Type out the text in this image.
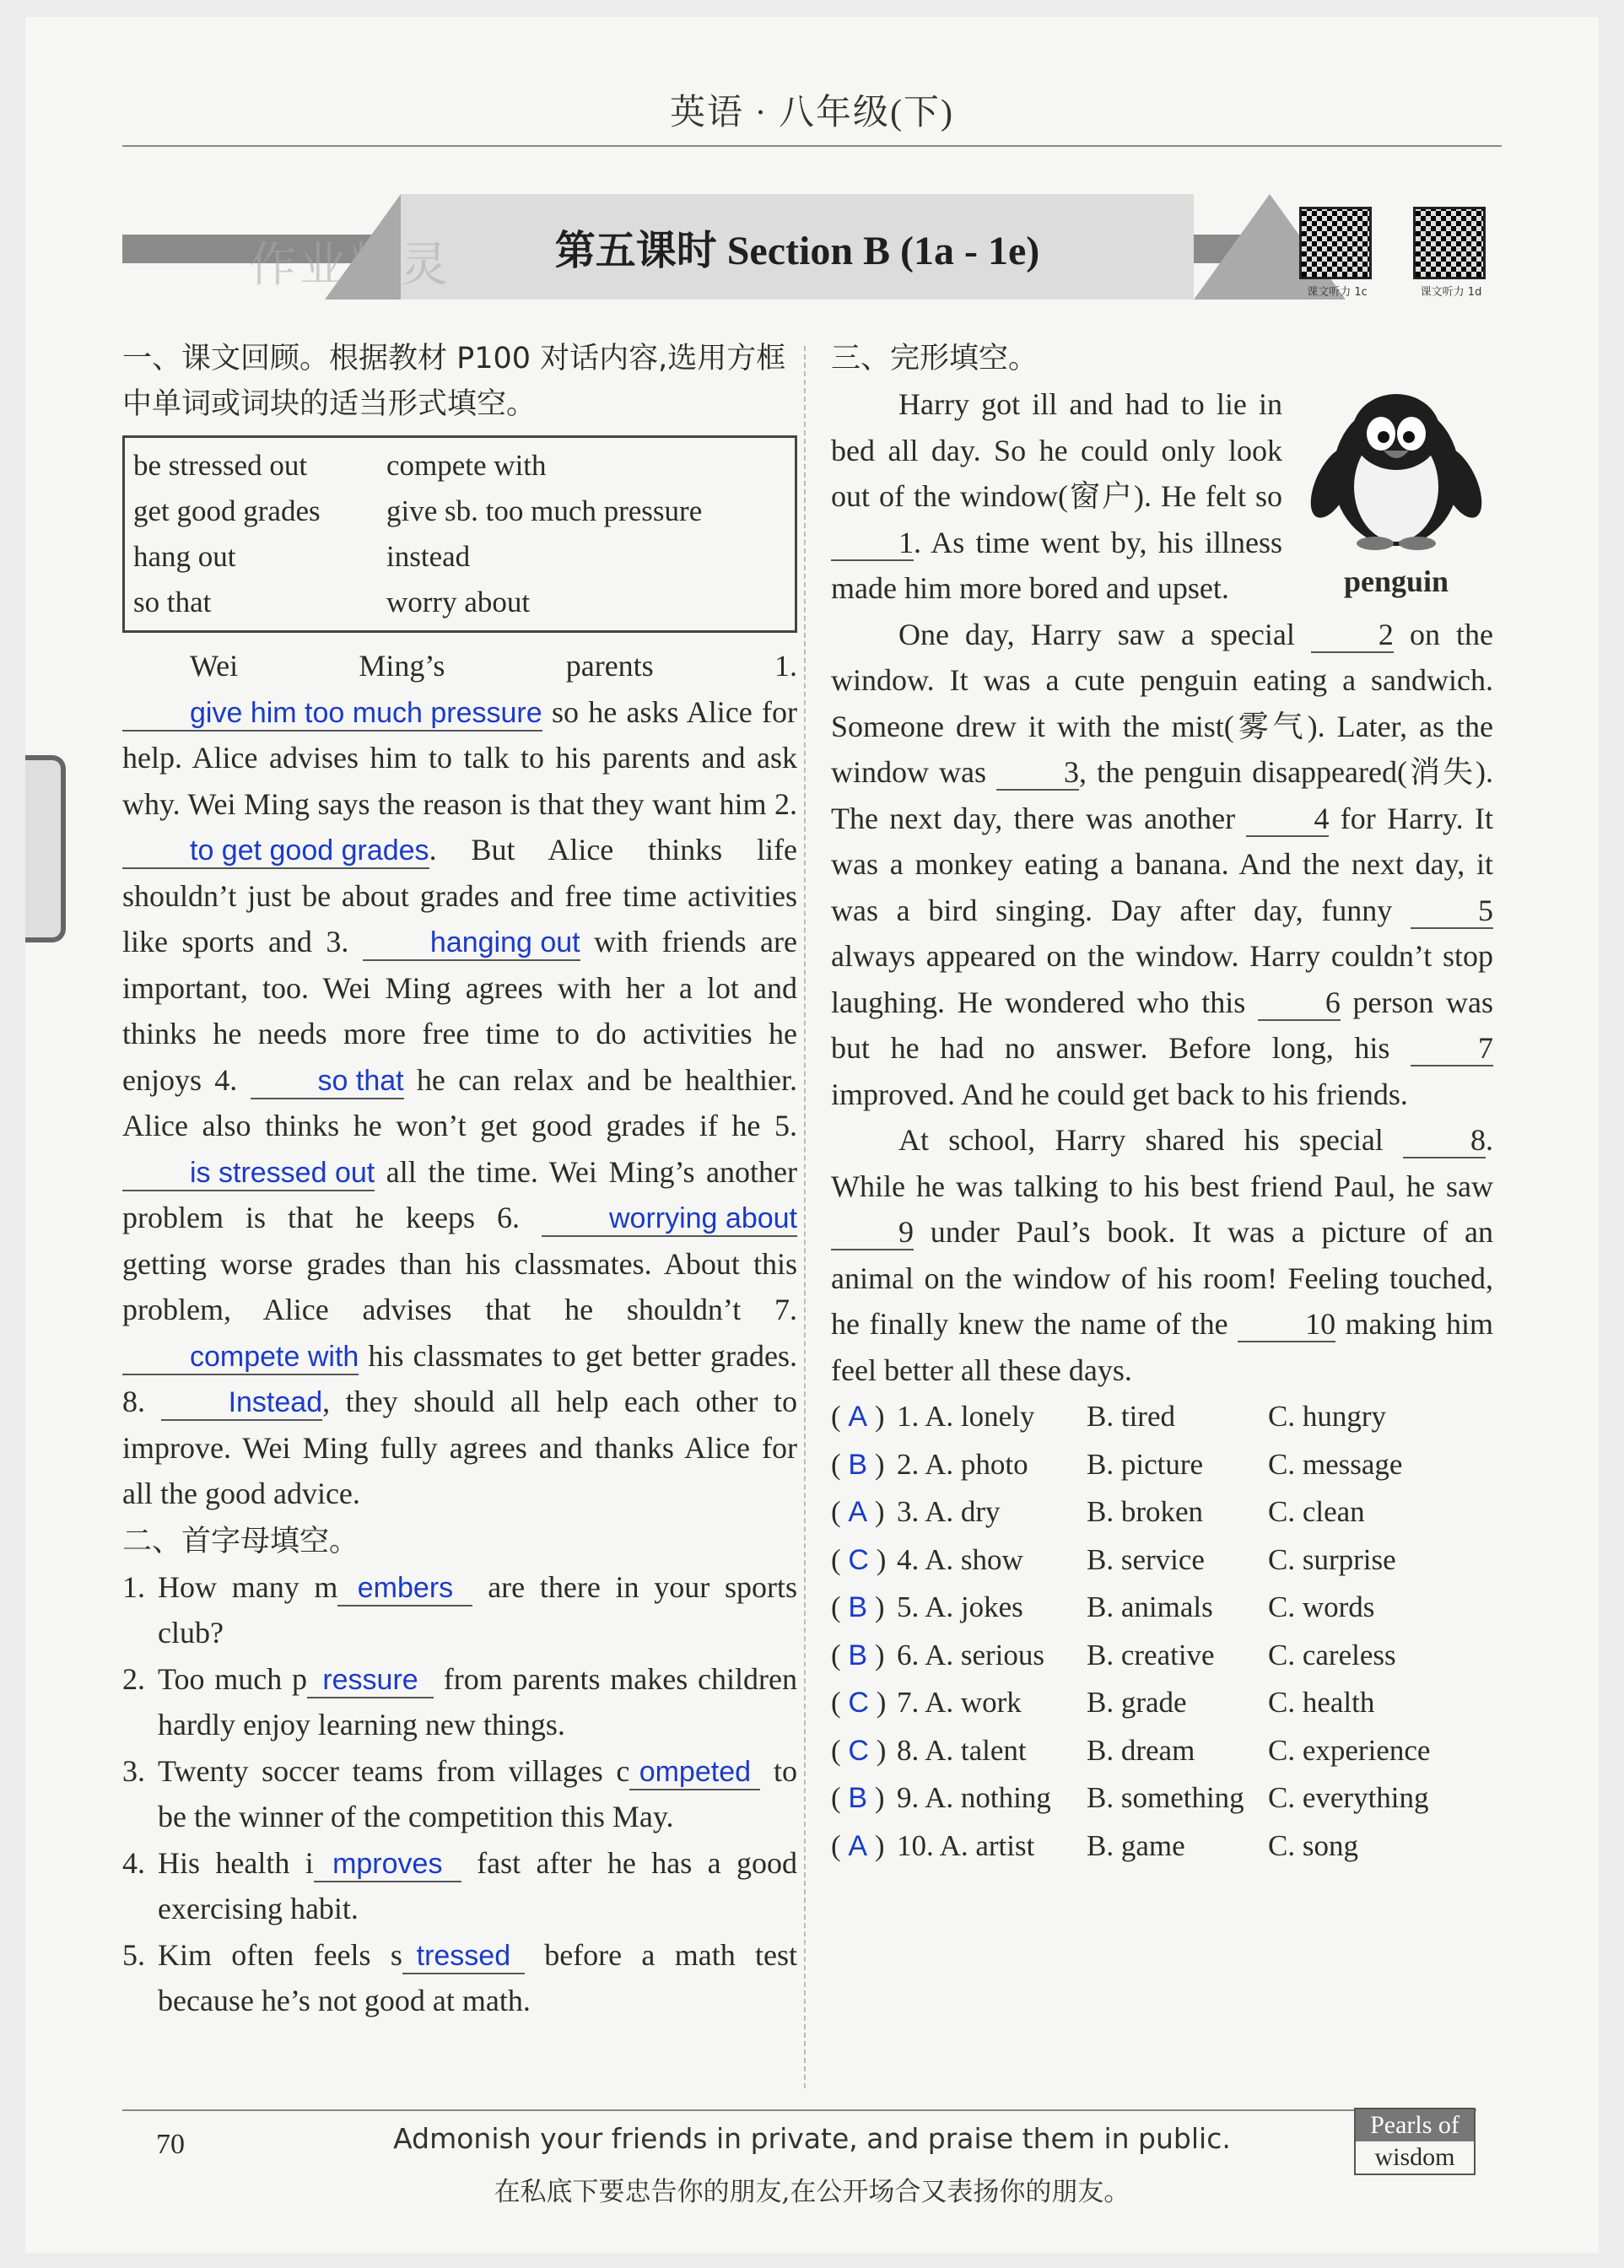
英语 · 八年级(下)
作业精灵	第五课时 Section B (1a - 1e)
课文听力 1c	课文听力 1d
一、课文回顾。根据教材 P100 对话内容,选用方框中单词或词块的适当形式填空。
be stressed out	compete with
get good grades	give sb. too much pressure
hang out	instead
so that	worry about
Wei Ming’s parents 1. give him too much pressure so he asks Alice for help. Alice advises him to talk to his parents and ask why. Wei Ming says the reason is that they want him 2. to get good grades. But Alice thinks life shouldn’t just be about grades and free time activities like sports and 3.	hanging out with friends are important, too. Wei Ming agrees with her a lot and thinks he needs more free time to do activities he enjoys 4.	so that he can relax and be healthier. Alice also thinks he won’t get good grades if he 5. is stressed out all the time. Wei Ming’s another problem is that he keeps 6.	worrying about getting worse grades than his classmates. About this problem, Alice advises that he shouldn’t 7. compete with his classmates to get better grades. 8.	Instead, they should all help each other to improve. Wei Ming fully agrees and thanks Alice for all the good advice.
二、首字母填空。
1. How many m embers are there in your sports club?
2. Too much p ressure from parents makes children hardly enjoy learning new things.
3. Twenty soccer teams from villages c ompeted to be the winner of the competition this May.
4. His health i mproves fast after he has a good exercising habit.
5. Kim often feels s tressed before a math test because he’s not good at math.
三、完形填空。
penguin
Harry got ill and had to lie in bed all day. So he could only look out of the window(窗户). He felt so 1. As time went by, his illness made him more bored and upset.
One day, Harry saw a special	2 on the window. It was a cute penguin eating a sandwich. Someone drew it with the mist(雾气). Later, as the window was	3, the penguin disappeared(消失). The next day, there was another	4 for Harry. It was a monkey eating a banana. And the next day, it was a bird singing. Day after day, funny	5 always appeared on the window. Harry couldn’t stop laughing. He wondered who this	6 person was but he had no answer. Before long, his	7 improved. And he could get back to his friends.
At school, Harry shared his special	8. While he was talking to his best friend Paul, he saw 9 under Paul’s book. It was a picture of an animal on the window of his room! Feeling touched, he finally knew the name of the	10 making him feel better all these days.
( A ) 1. A. lonely	B. tired	C. hungry
( B ) 2. A. photo	B. picture	C. message
( A ) 3. A. dry	B. broken	C. clean
( C ) 4. A. show	B. service	C. surprise
( B ) 5. A. jokes	B. animals	C. words
( B ) 6. A. serious	B. creative	C. careless
( C ) 7. A. work	B. grade	C. health
( C ) 8. A. talent	B. dream	C. experience
( B ) 9. A. nothing	B. something C. everything
( A ) 10. A. artist	B. game	C. song
70	Admonish your friends in private, and praise them in public.
在私底下要忠告你的朋友,在公开场合又表扬你的朋友。
Pearls of
wisdom
